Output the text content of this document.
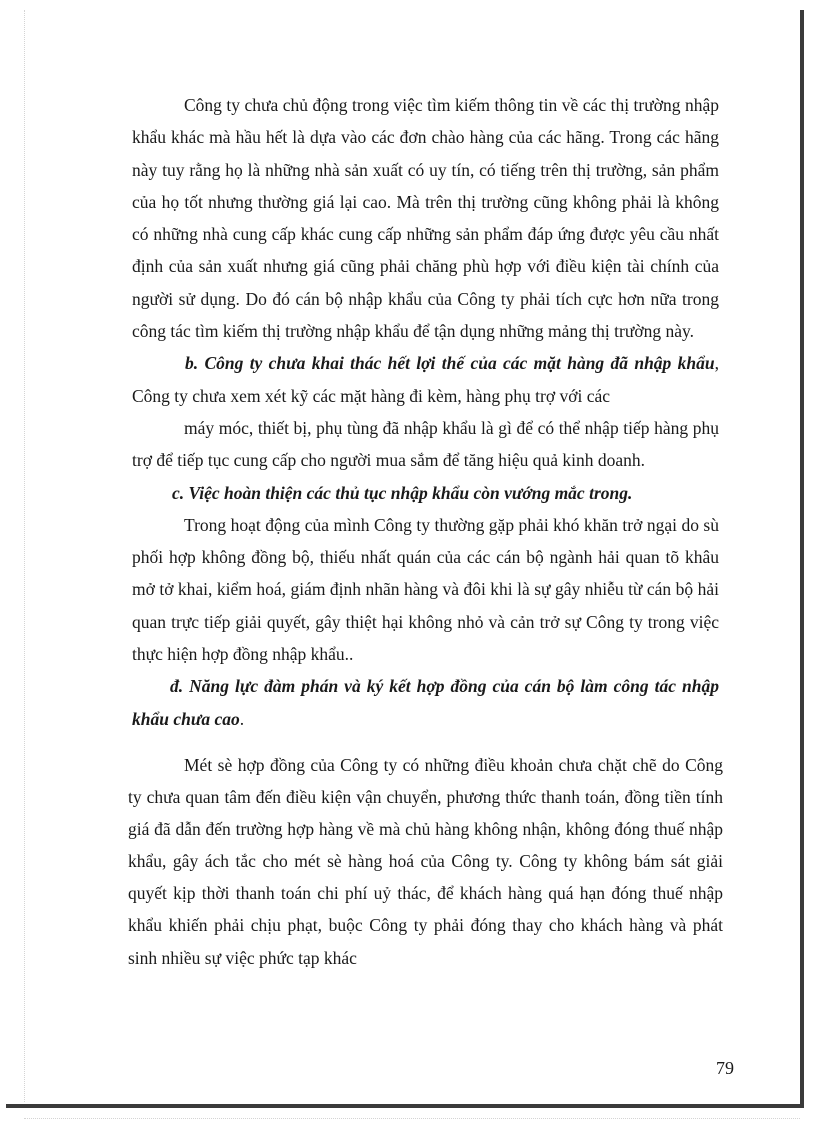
Công ty chưa chủ động trong việc tìm kiếm thông tin về các thị trường nhập khẩu khác mà hầu hết là dựa vào các đơn chào hàng của các hãng. Trong các hãng này tuy rằng họ là những nhà sản xuất có uy tín, có tiếng trên thị trường, sản phẩm của họ tốt nhưng thường giá lại cao. Mà trên thị trường cũng không phải là không có những nhà cung cấp khác cung cấp những sản phẩm đáp ứng được yêu cầu nhất định của sản xuất nhưng giá cũng phải chăng phù hợp với điều kiện tài chính của người sử dụng. Do đó cán bộ nhập khẩu của Công ty phải tích cực hơn nữa trong công tác tìm kiếm thị trường nhập khẩu để tận dụng những mảng thị trường này.

b. Công ty chưa khai thác hết lợi thế của các mặt hàng đã nhập khẩu, Công ty chưa xem xét kỹ các mặt hàng đi kèm, hàng phụ trợ với các

máy móc, thiết bị, phụ tùng đã nhập khẩu là gì để có thể nhập tiếp hàng phụ trợ để tiếp tục cung cấp cho người mua sắm để tăng hiệu quả kinh doanh.

c. Việc hoàn thiện các thủ tục nhập khẩu còn vướng mắc trong.

Trong hoạt động của mình Công ty thường gặp phải khó khăn trở ngại do sù phối hợp không đồng bộ, thiếu nhất quán của các cán bộ ngành hải quan tõ khâu mở tở khai, kiểm hoá, giám định nhãn hàng và đôi khi là sự gây nhiễu từ cán bộ hải quan trực tiếp giải quyết, gây thiệt hại không nhỏ và cản trở sự Công ty trong việc thực hiện hợp đồng nhập khẩu..

đ. Năng lực đàm phán và ký kết hợp đồng của cán bộ làm công tác nhập khẩu chưa cao.

Mét sè hợp đồng của Công ty có những điều khoản chưa chặt chẽ do Công ty chưa quan tâm đến điều kiện vận chuyển, phương thức thanh toán, đồng tiền tính giá đã dẫn đến trường hợp hàng về mà chủ hàng không nhận, không đóng thuế nhập khẩu, gây ách tắc cho mét sè hàng hoá của Công ty. Công ty không bám sát giải quyết kịp thời thanh toán chi phí uỷ thác, để khách hàng quá hạn đóng thuế nhập khẩu khiến phải chịu phạt, buộc Công ty phải đóng thay cho khách hàng và phát sinh nhiều sự việc phức tạp khác

79
